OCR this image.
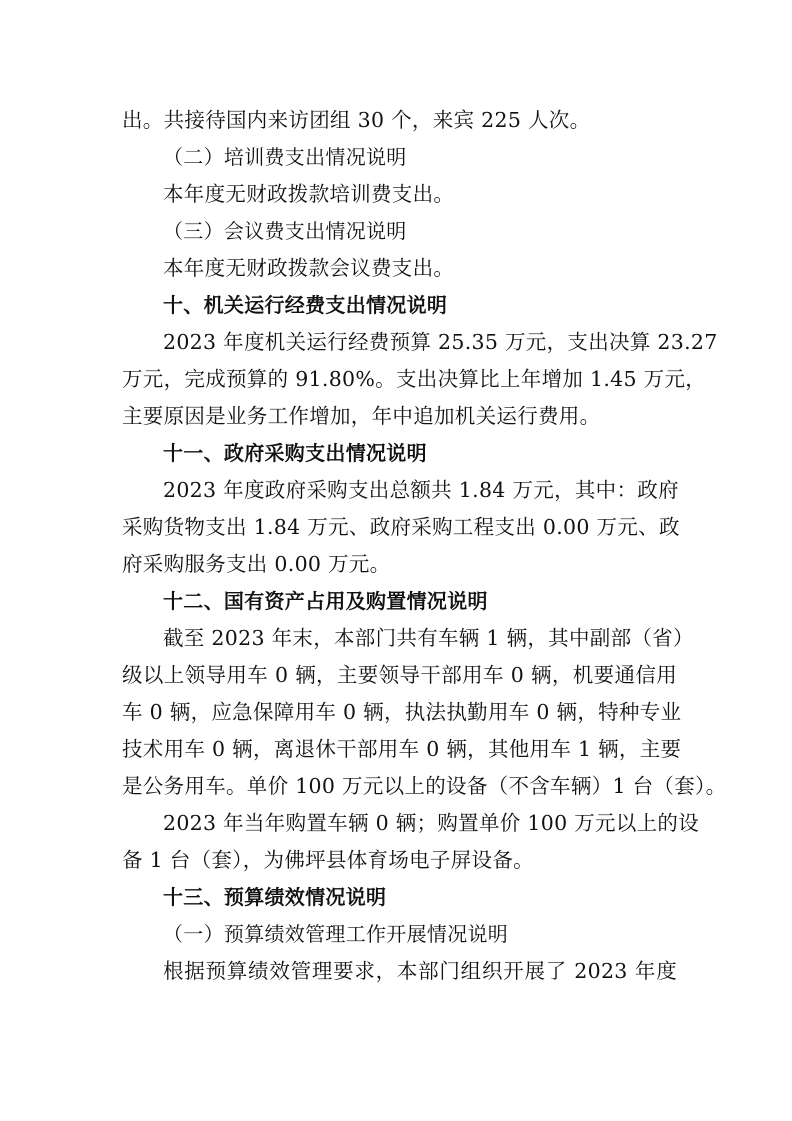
出。共接待国内来访团组 30 个，来宾 225 人次。
（二）培训费支出情况说明
本年度无财政拨款培训费支出。
（三）会议费支出情况说明
本年度无财政拨款会议费支出。
十、机关运行经费支出情况说明
2023 年度机关运行经费预算 25.35 万元，支出决算 23.27
万元，完成预算的 91.80%。支出决算比上年增加 1.45 万元，
主要原因是业务工作增加，年中追加机关运行费用。
十一、政府采购支出情况说明
2023 年度政府采购支出总额共 1.84 万元，其中：政府
采购货物支出 1.84 万元、政府采购工程支出 0.00 万元、政
府采购服务支出 0.00 万元。
十二、国有资产占用及购置情况说明
截至 2023 年末，本部门共有车辆 1 辆，其中副部（省）
级以上领导用车 0 辆，主要领导干部用车 0 辆，机要通信用
车 0 辆，应急保障用车 0 辆，执法执勤用车 0 辆，特种专业
技术用车 0 辆，离退休干部用车 0 辆，其他用车 1 辆，主要
是公务用车。单价 100 万元以上的设备（不含车辆）1 台（套）。
2023 年当年购置车辆 0 辆；购置单价 100 万元以上的设
备 1 台（套），为佛坪县体育场电子屏设备。
十三、预算绩效情况说明
（一）预算绩效管理工作开展情况说明
根据预算绩效管理要求，本部门组织开展了 2023 年度
